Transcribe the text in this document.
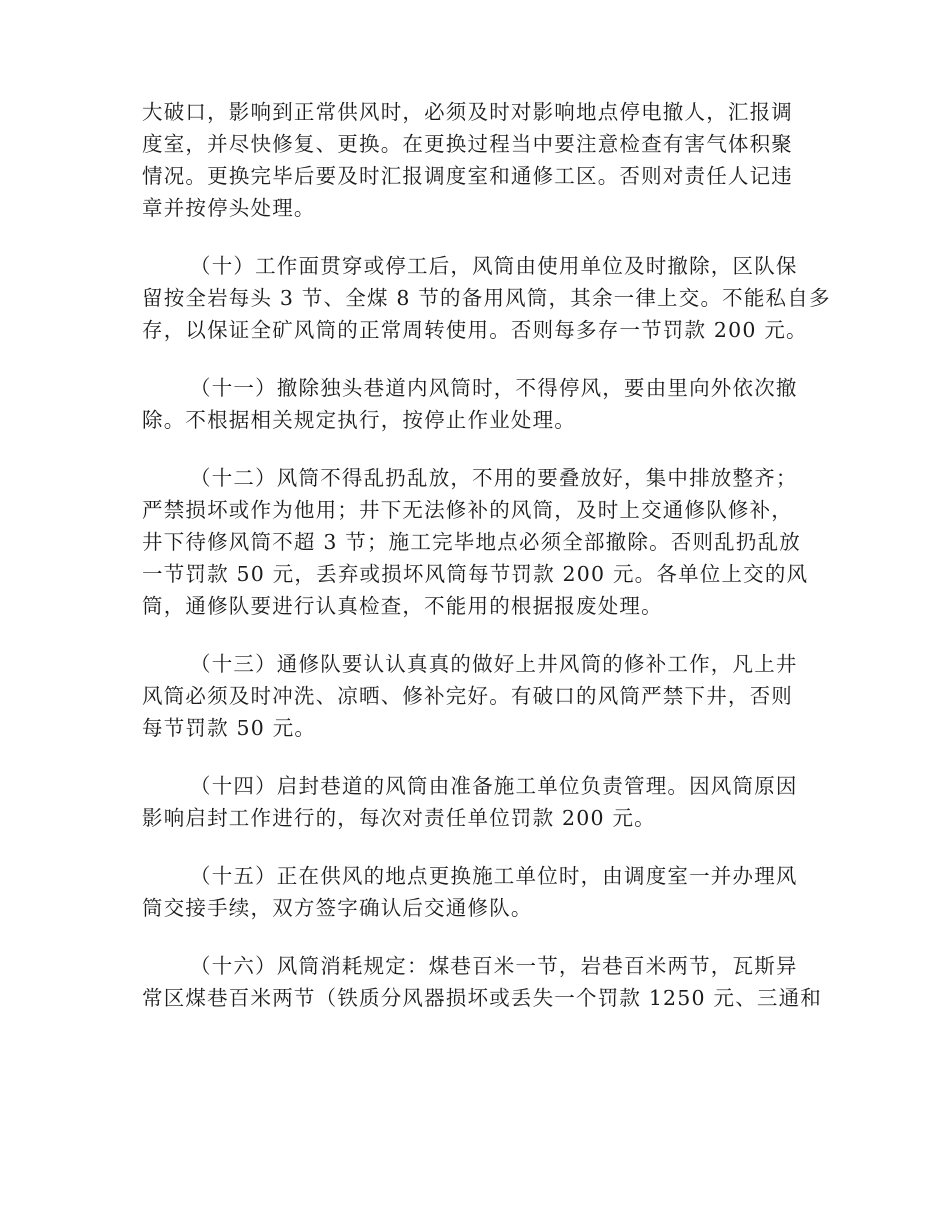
大破口，影响到正常供风时，必须及时对影响地点停电撤人，汇报调
度室，并尽快修复、更换。在更换过程当中要注意检查有害气体积聚
情况。更换完毕后要及时汇报调度室和通修工区。否则对责任人记违
章并按停头处理。
（十）工作面贯穿或停工后，风筒由使用单位及时撤除，区队保
留按全岩每头 3 节、全煤 8 节的备用风筒，其余一律上交。不能私自多
存，以保证全矿风筒的正常周转使用。否则每多存一节罚款 200 元。
（十一）撤除独头巷道内风筒时，不得停风，要由里向外依次撤
除。不根据相关规定执行，按停止作业处理。
（十二）风筒不得乱扔乱放，不用的要叠放好，集中排放整齐；
严禁损坏或作为他用；井下无法修补的风筒，及时上交通修队修补，
井下待修风筒不超 3 节；施工完毕地点必须全部撤除。否则乱扔乱放
一节罚款 50 元，丢弃或损坏风筒每节罚款 200 元。各单位上交的风
筒，通修队要进行认真检查，不能用的根据报废处理。
（十三）通修队要认认真真的做好上井风筒的修补工作，凡上井
风筒必须及时冲洗、凉晒、修补完好。有破口的风筒严禁下井，否则
每节罚款 50 元。
（十四）启封巷道的风筒由准备施工单位负责管理。因风筒原因
影响启封工作进行的，每次对责任单位罚款 200 元。
（十五）正在供风的地点更换施工单位时，由调度室一并办理风
筒交接手续，双方签字确认后交通修队。
（十六）风筒消耗规定：煤巷百米一节，岩巷百米两节，瓦斯异
常区煤巷百米两节（铁质分风器损坏或丢失一个罚款 1250 元、三通和
